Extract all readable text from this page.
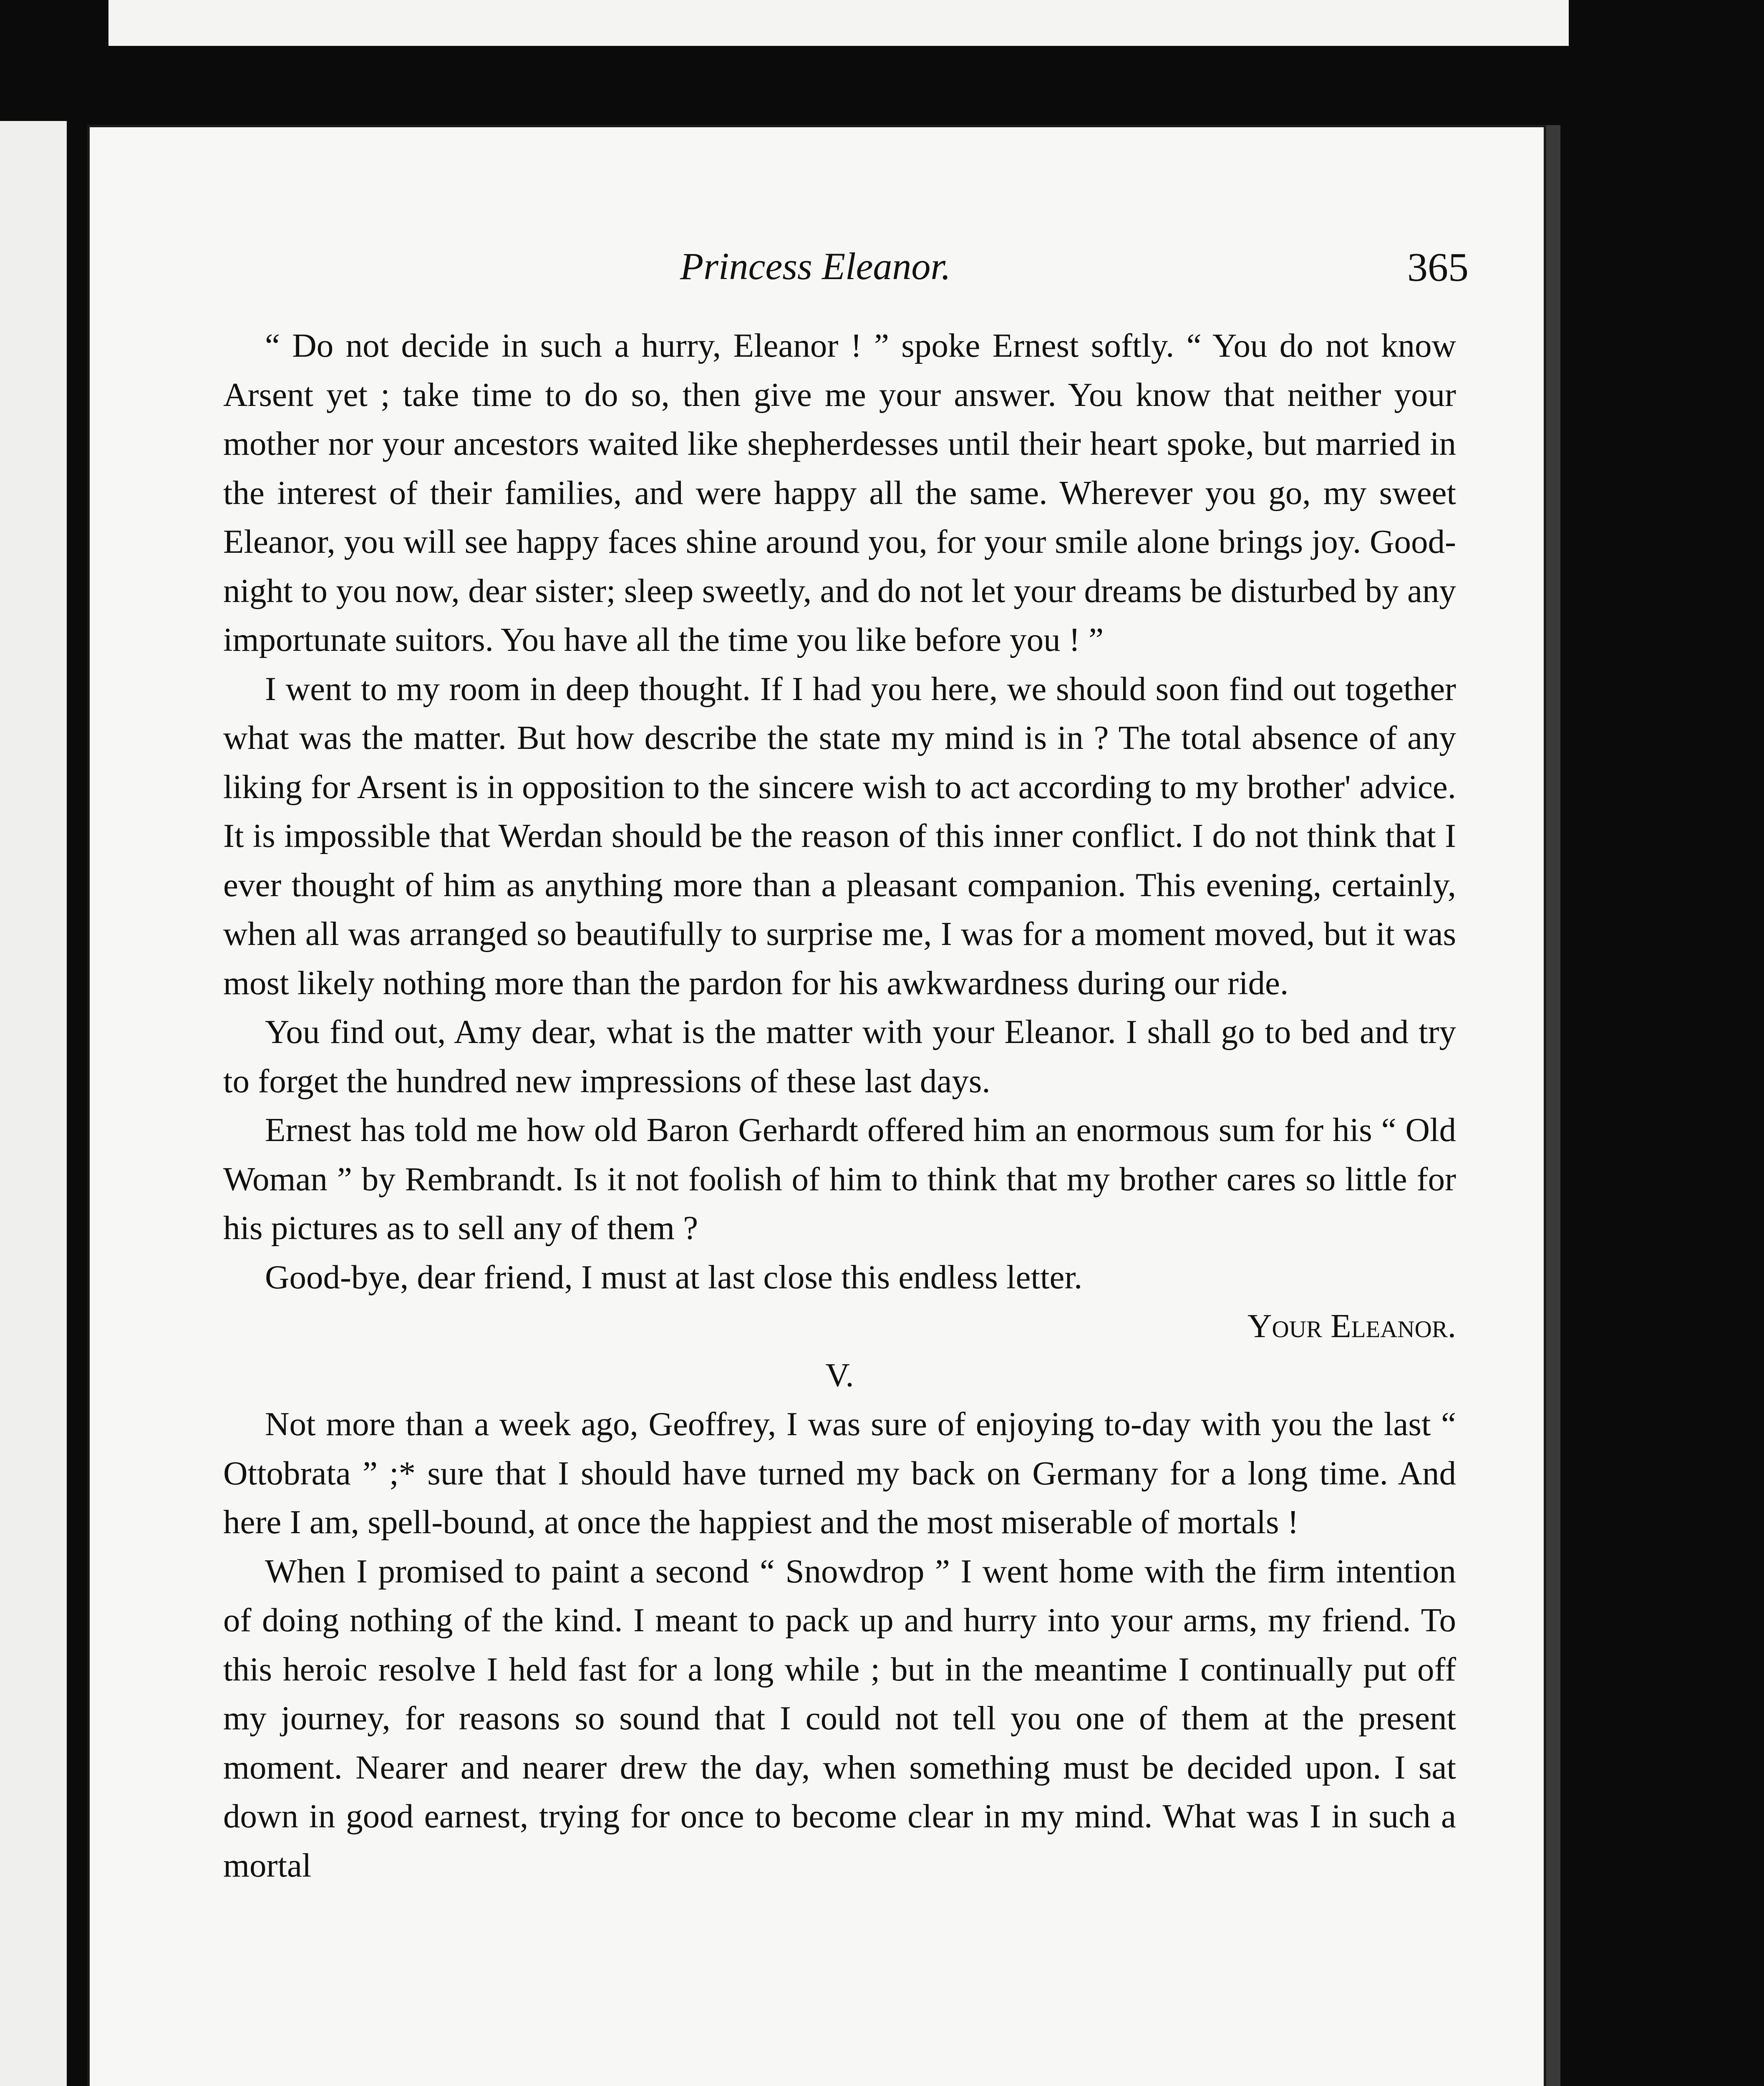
Princess Eleanor.	365

“ Do not decide in such a hurry, Eleanor ! ” spoke Ernest softly. “ You do not know Arsent yet ; take time to do so, then give me your answer. You know that neither your mother nor your ancestors waited like shepherdesses until their heart spoke, but married in the interest of their families, and were happy all the same. Wherever you go, my sweet Eleanor, you will see happy faces shine around you, for your smile alone brings joy. Good-night to you now, dear sister; sleep sweetly, and do not let your dreams be disturbed by any importunate suitors. You have all the time you like before you ! ”

I went to my room in deep thought. If I had you here, we should soon find out together what was the matter. But how describe the state my mind is in ? The total absence of any liking for Arsent is in opposition to the sincere wish to act according to my brother' advice. It is impossible that Werdan should be the reason of this inner conflict. I do not think that I ever thought of him as anything more than a pleasant companion. This evening, certainly, when all was arranged so beautifully to surprise me, I was for a moment moved, but it was most likely nothing more than the pardon for his awkwardness during our ride.

You find out, Amy dear, what is the matter with your Eleanor. I shall go to bed and try to forget the hundred new impressions of these last days.

Ernest has told me how old Baron Gerhardt offered him an enormous sum for his “ Old Woman ” by Rembrandt. Is it not foolish of him to think that my brother cares so little for his pictures as to sell any of them ?

Good-bye, dear friend, I must at last close this endless letter.

Your Eleanor.

V.

Not more than a week ago, Geoffrey, I was sure of enjoying to-day with you the last “ Ottobrata ” ;* sure that I should have turned my back on Germany for a long time. And here I am, spell-bound, at once the happiest and the most miserable of mortals !

When I promised to paint a second “ Snowdrop ” I went home with the firm intention of doing nothing of the kind. I meant to pack up and hurry into your arms, my friend. To this heroic resolve I held fast for a long while ; but in the meantime I continually put off my journey, for reasons so sound that I could not tell you one of them at the present moment. Nearer and nearer drew the day, when something must be decided upon. I sat down in good earnest, trying for once to become clear in my mind. What was I in such a mortal
